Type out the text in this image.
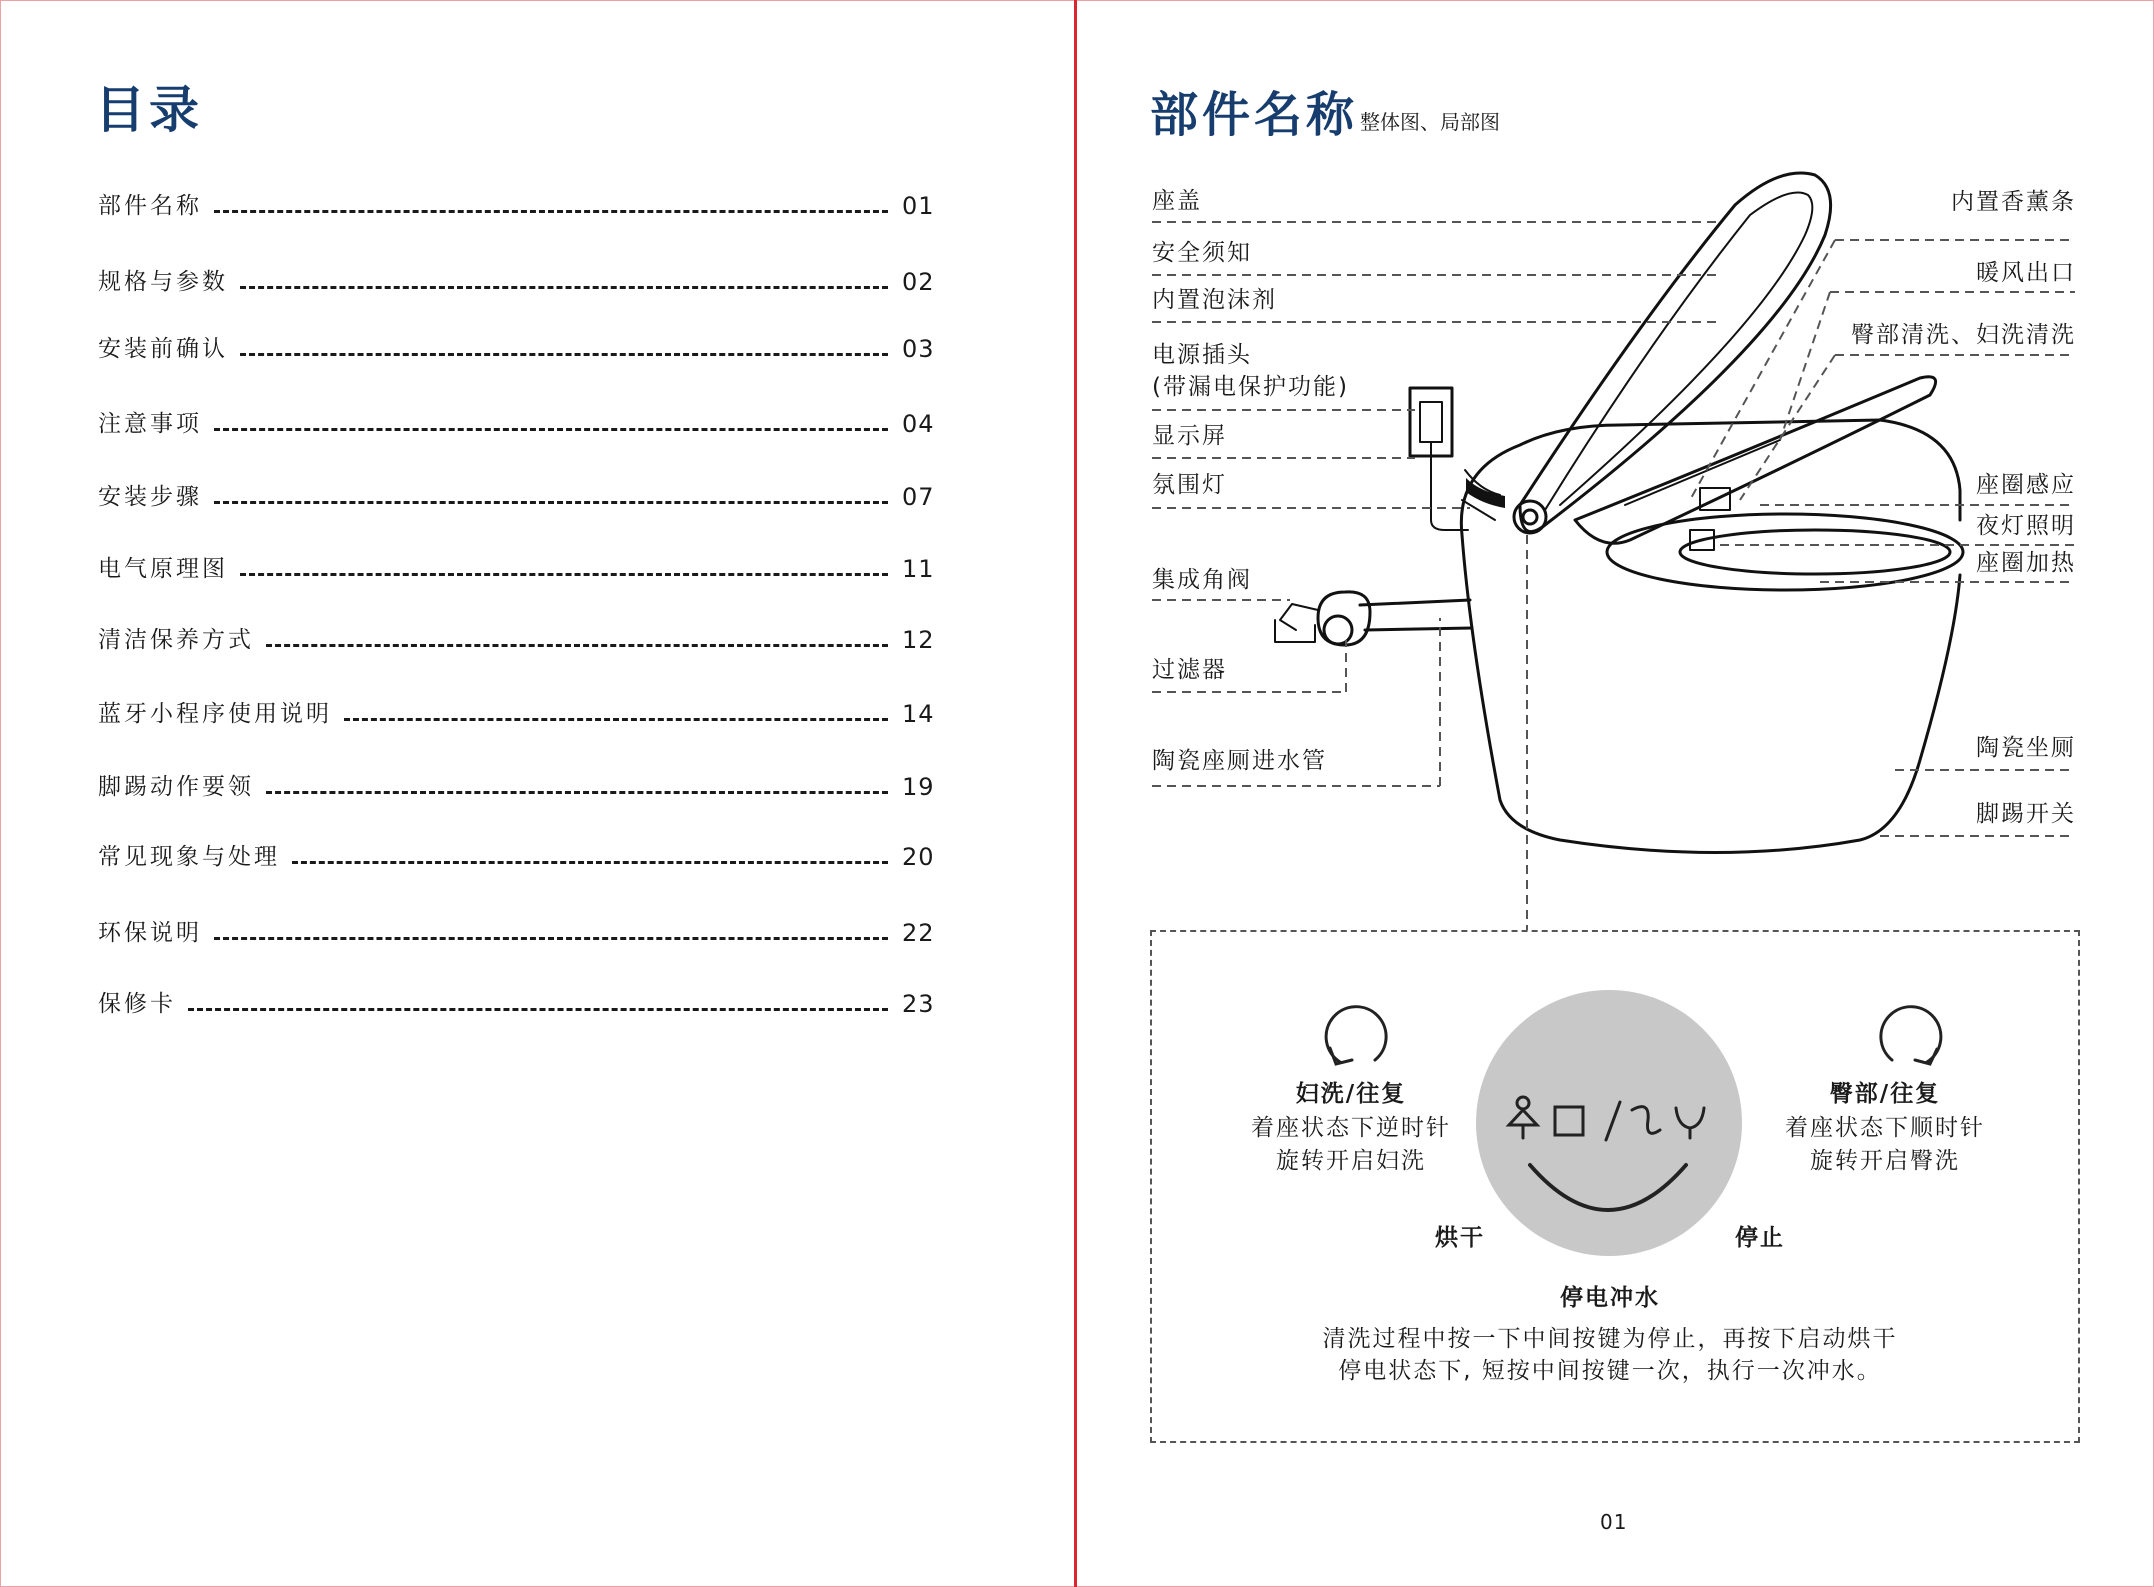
目录
部件名称	01
规格与参数	02
安装前确认	03
注意事项	04
安装步骤	07
电气原理图	11
清洁保养方式	12
蓝牙小程序使用说明	14
脚踢动作要领	19
常见现象与处理	20
环保说明	22
保修卡	23
部件名称 整体图、局部图
座盖
安全须知
内置泡沫剂
电源插头
(带漏电保护功能)
显示屏
氛围灯
集成角阀
过滤器
陶瓷座厕进水管
内置香薰条
暖风出口
臀部清洗、妇洗清洗
座圈感应
夜灯照明
座圈加热
陶瓷坐厕
脚踢开关
妇洗/往复
着座状态下逆时针
旋转开启妇洗
臀部/往复
着座状态下顺时针
旋转开启臀洗
烘干	停止
停电冲水
清洗过程中按一下中间按键为停止，再按下启动烘干
停电状态下, 短按中间按键一次，执行一次冲水。
01
